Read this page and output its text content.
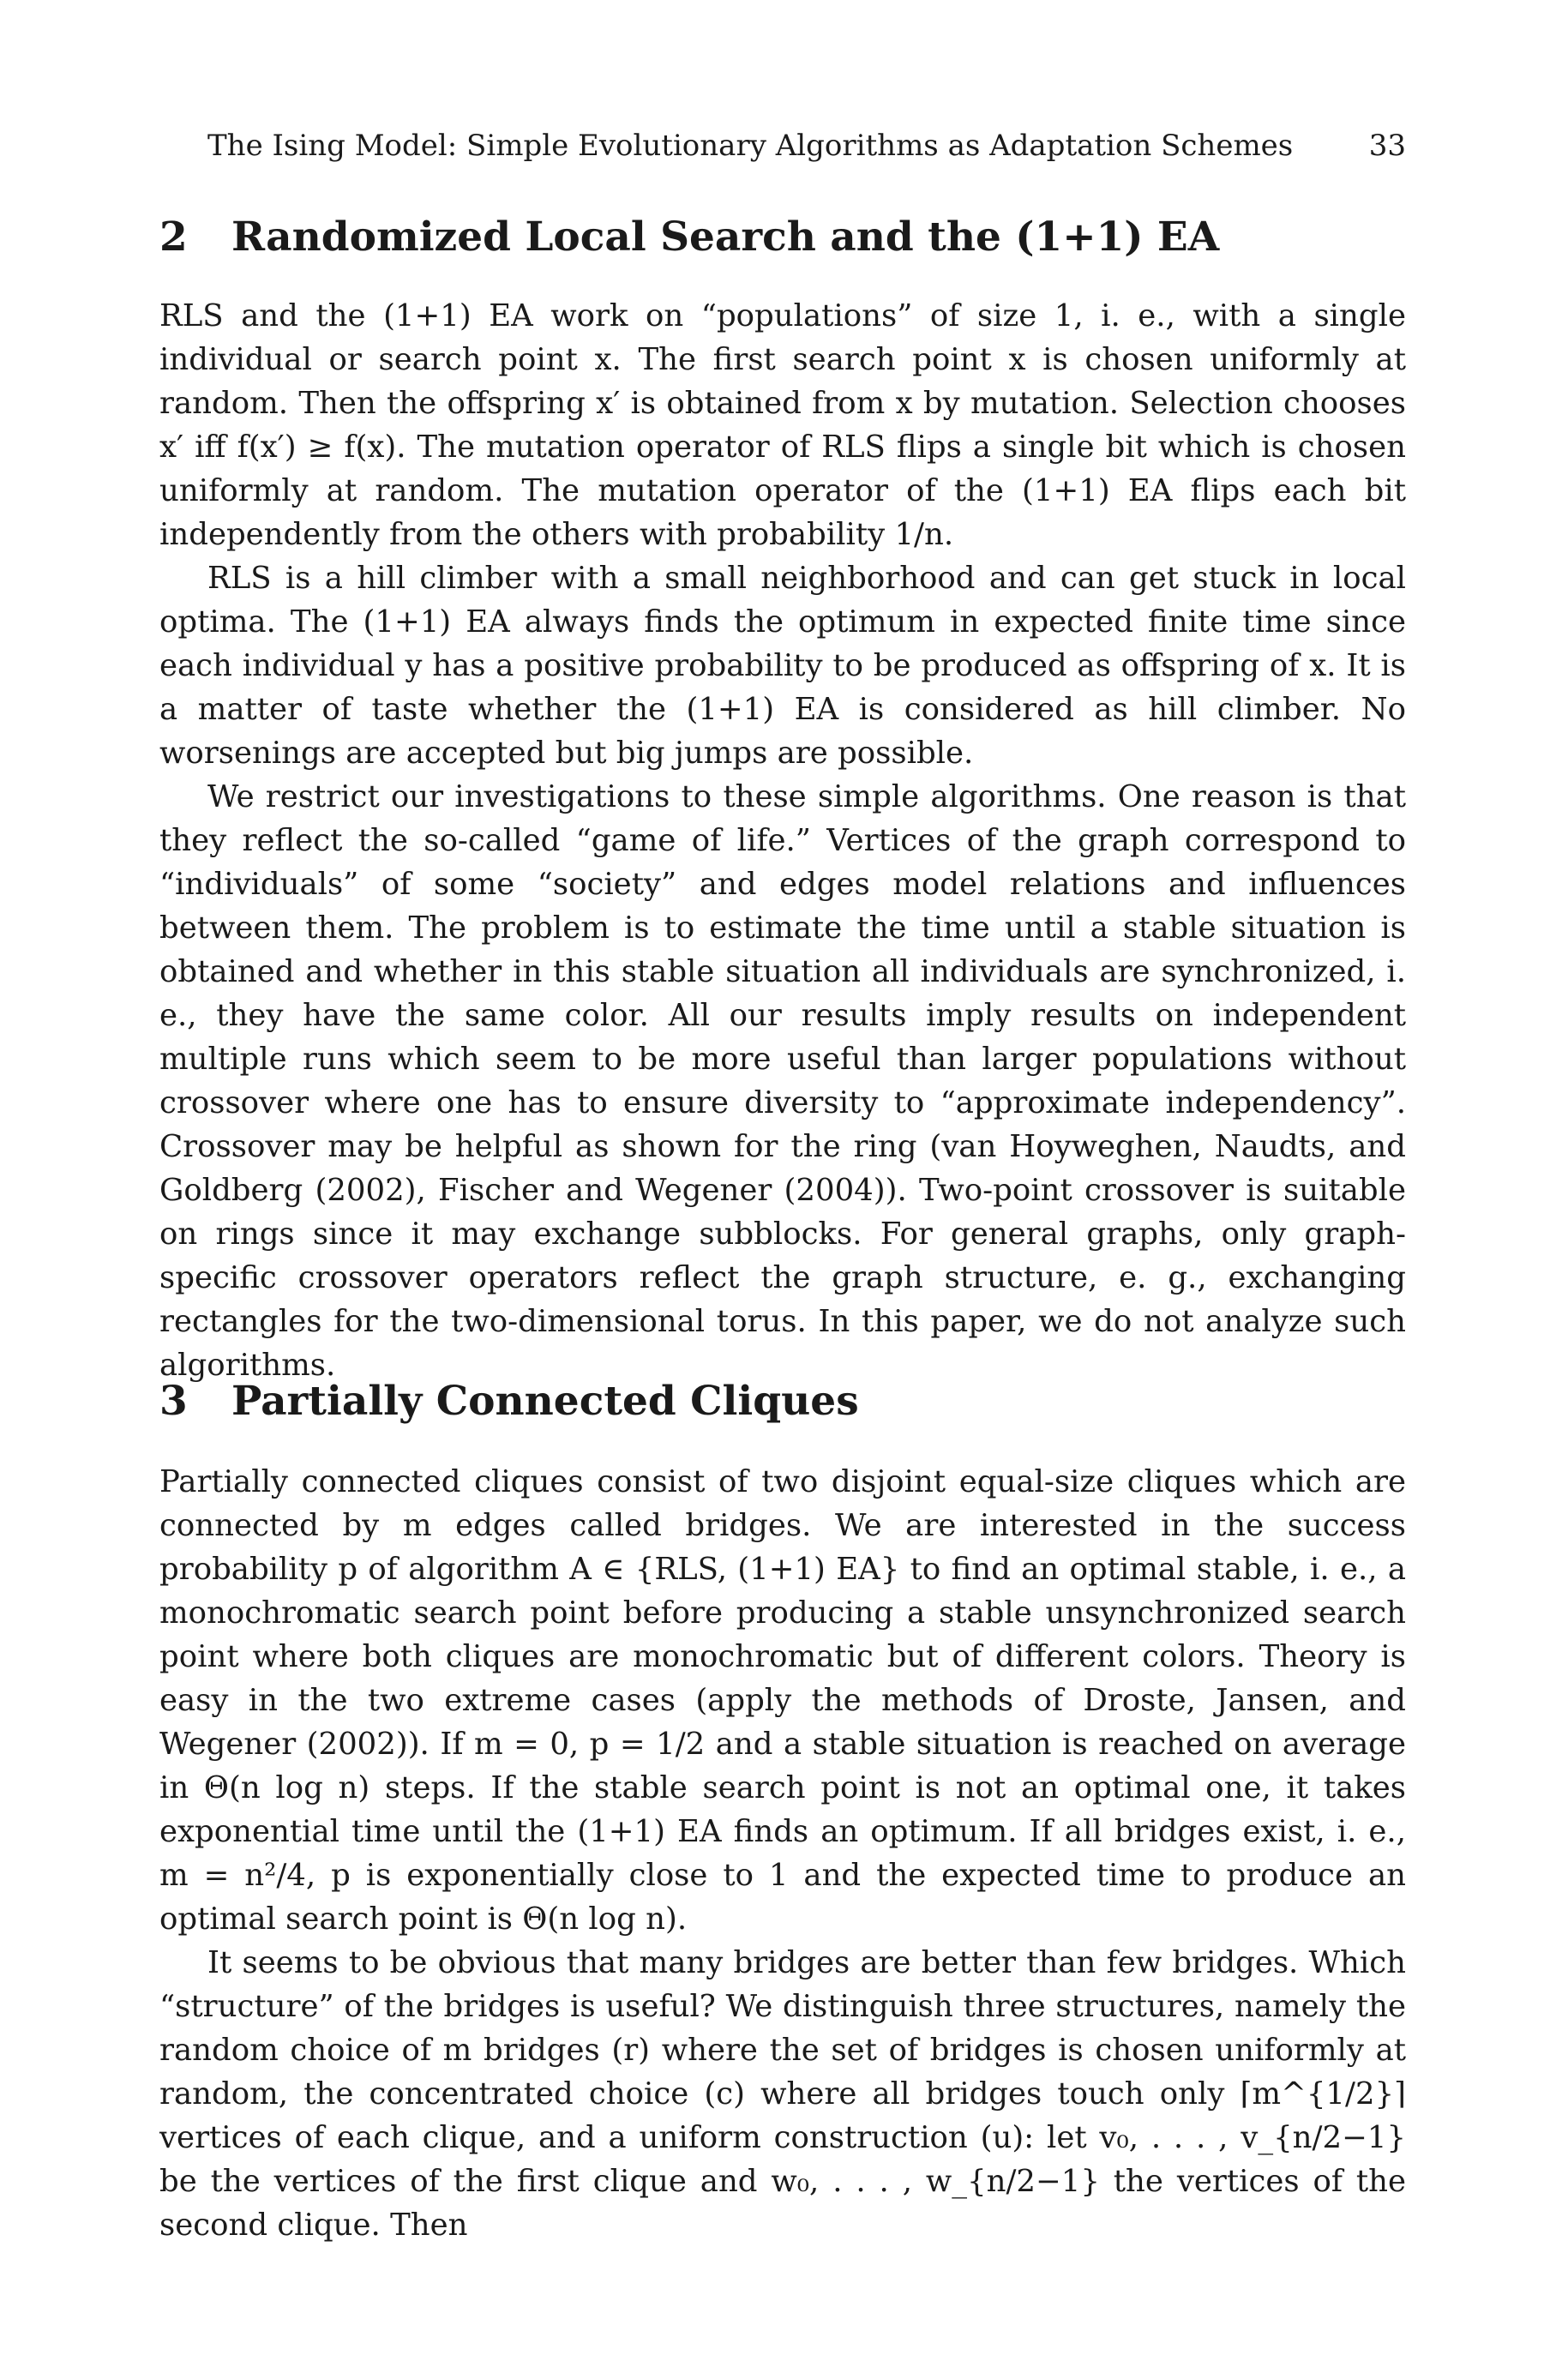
The Ising Model: Simple Evolutionary Algorithms as Adaptation Schemes	33
2 Randomized Local Search and the (1+1) EA

RLS and the (1+1) EA work on “populations” of size 1, i. e., with a single individual or search point x. The first search point x is chosen uniformly at random. Then the offspring x′ is obtained from x by mutation. Selection chooses x′ iff f(x′) ≥ f(x). The mutation operator of RLS flips a single bit which is chosen uniformly at random. The mutation operator of the (1+1) EA flips each bit independently from the others with probability 1/n.

RLS is a hill climber with a small neighborhood and can get stuck in local optima. The (1+1) EA always finds the optimum in expected finite time since each individual y has a positive probability to be produced as offspring of x. It is a matter of taste whether the (1+1) EA is considered as hill climber. No worsenings are accepted but big jumps are possible.

We restrict our investigations to these simple algorithms. One reason is that they reflect the so-called “game of life.” Vertices of the graph correspond to “individuals” of some “society” and edges model relations and influences between them. The problem is to estimate the time until a stable situation is obtained and whether in this stable situation all individuals are synchronized, i. e., they have the same color. All our results imply results on independent multiple runs which seem to be more useful than larger populations without crossover where one has to ensure diversity to “approximate independency”. Crossover may be helpful as shown for the ring (van Hoyweghen, Naudts, and Goldberg (2002), Fischer and Wegener (2004)). Two-point crossover is suitable on rings since it may exchange subblocks. For general graphs, only graph-specific crossover operators reflect the graph structure, e. g., exchanging rectangles for the two-dimensional torus. In this paper, we do not analyze such algorithms.

3 Partially Connected Cliques

Partially connected cliques consist of two disjoint equal-size cliques which are connected by m edges called bridges. We are interested in the success probability p of algorithm A ∈ {RLS, (1+1) EA} to find an optimal stable, i. e., a monochromatic search point before producing a stable unsynchronized search point where both cliques are monochromatic but of different colors. Theory is easy in the two extreme cases (apply the methods of Droste, Jansen, and Wegener (2002)). If m = 0, p = 1/2 and a stable situation is reached on average in Θ(n log n) steps. If the stable search point is not an optimal one, it takes exponential time until the (1+1) EA finds an optimum. If all bridges exist, i. e., m = n²/4, p is exponentially close to 1 and the expected time to produce an optimal search point is Θ(n log n).

It seems to be obvious that many bridges are better than few bridges. Which “structure” of the bridges is useful? We distinguish three structures, namely the random choice of m bridges (r) where the set of bridges is chosen uniformly at random, the concentrated choice (c) where all bridges touch only ⌈m^{1/2}⌉ vertices of each clique, and a uniform construction (u): let v₀, . . . , v_{n/2−1} be the vertices of the first clique and w₀, . . . , w_{n/2−1} the vertices of the second clique. Then
